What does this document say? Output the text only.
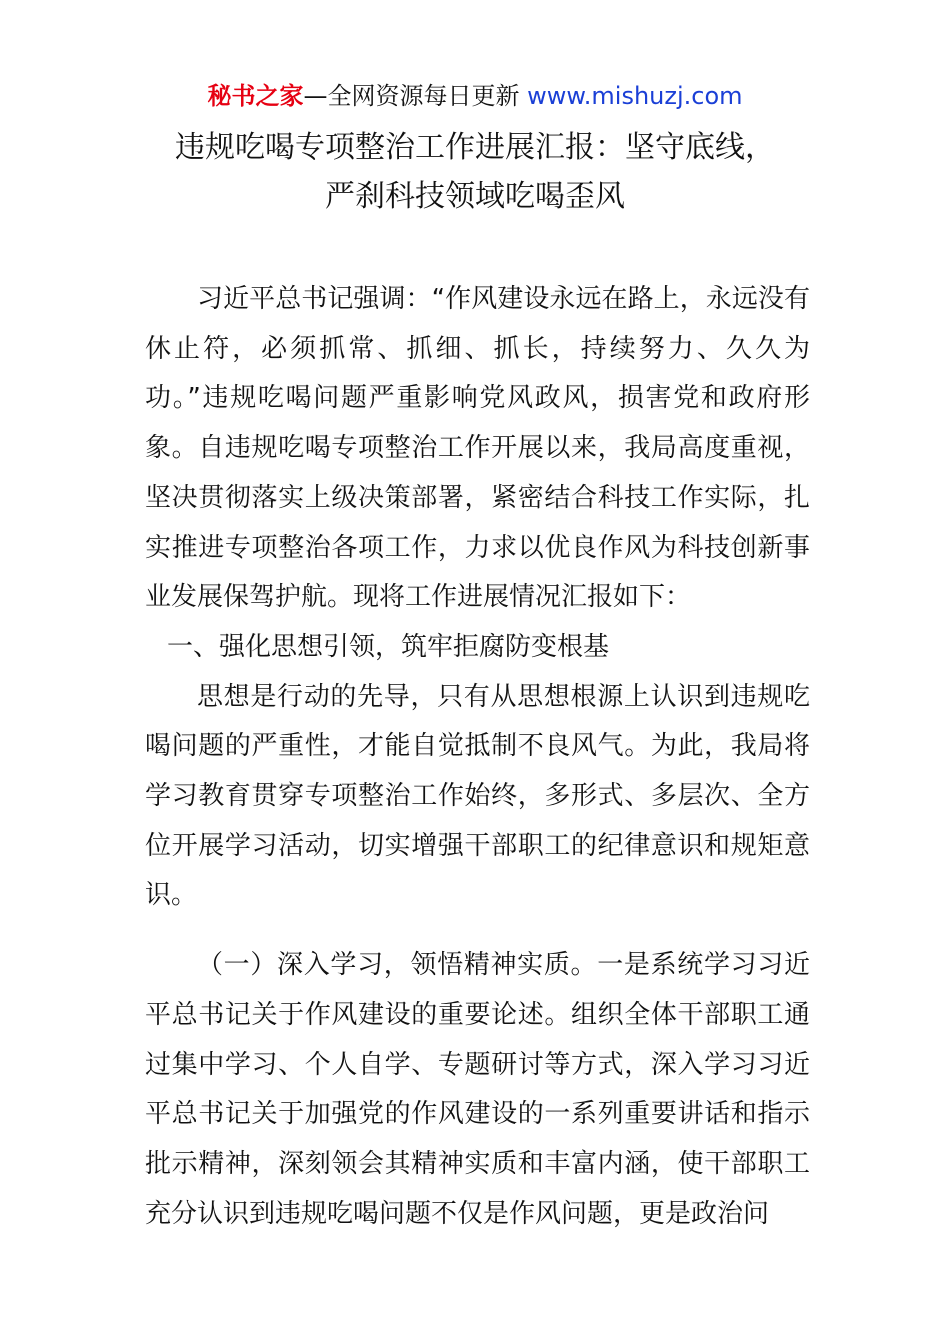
秘书之家—全网资源每日更新 www.mishuzj.com
违规吃喝专项整治工作进展汇报：坚守底线，
严刹科技领域吃喝歪风

习近平总书记强调：“作风建设永远在路上，永远没有休止符，必须抓常、抓细、抓长，持续努力、久久为功。”违规吃喝问题严重影响党风政风，损害党和政府形象。自违规吃喝专项整治工作开展以来，我局高度重视，坚决贯彻落实上级决策部署，紧密结合科技工作实际，扎实推进专项整治各项工作，力求以优良作风为科技创新事业发展保驾护航。现将工作进展情况汇报如下：

一、强化思想引领，筑牢拒腐防变根基

思想是行动的先导，只有从思想根源上认识到违规吃喝问题的严重性，才能自觉抵制不良风气。为此，我局将学习教育贯穿专项整治工作始终，多形式、多层次、全方位开展学习活动，切实增强干部职工的纪律意识和规矩意识。

（一）深入学习，领悟精神实质。一是系统学习习近平总书记关于作风建设的重要论述。组织全体干部职工通过集中学习、个人自学、专题研讨等方式，深入学习习近平总书记关于加强党的作风建设的一系列重要讲话和指示批示精神，深刻领会其精神实质和丰富内涵，使干部职工充分认识到违规吃喝问题不仅是作风问题，更是政治问
